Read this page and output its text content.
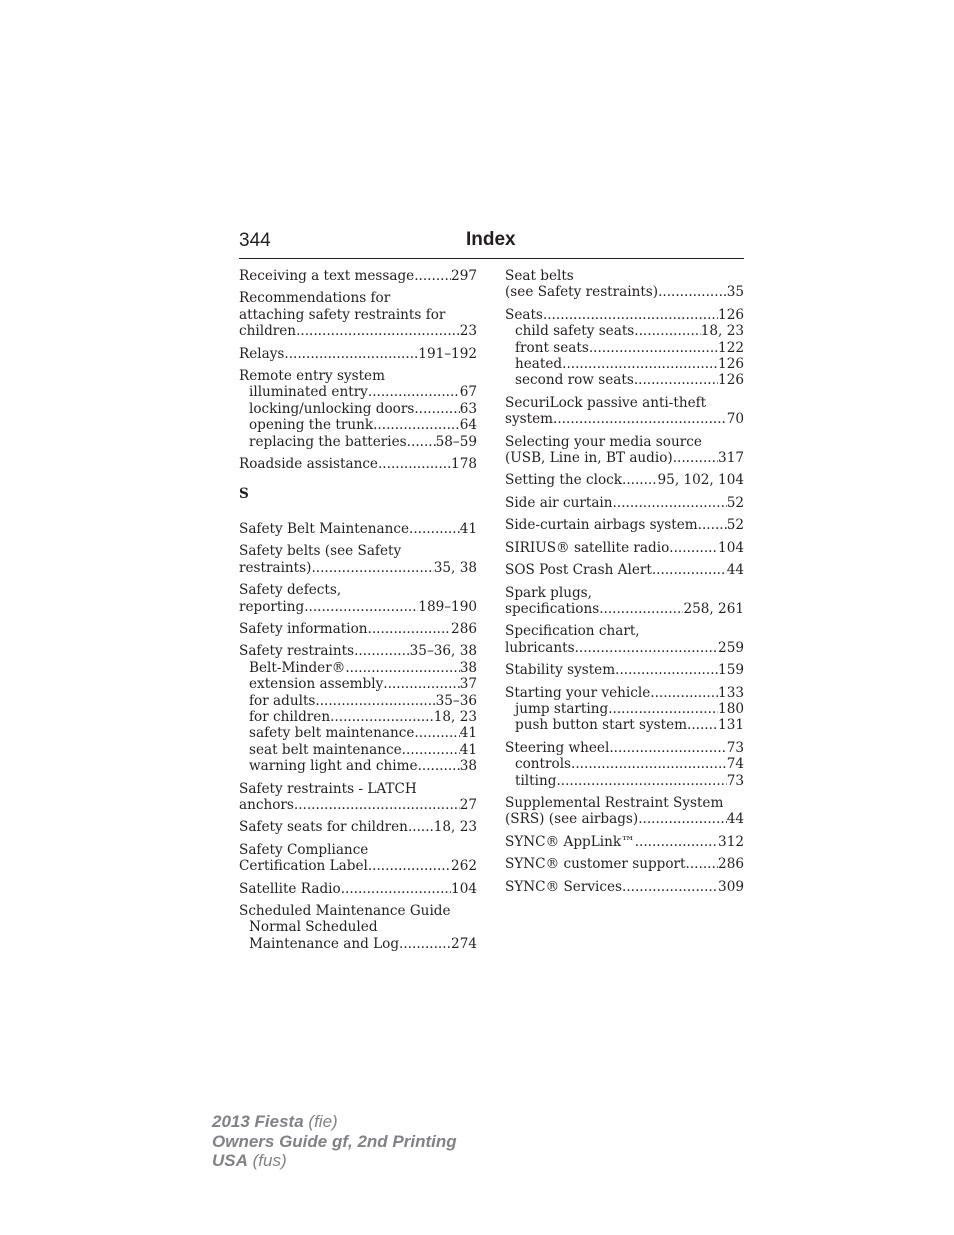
344	Index
Receiving a text message .....	297
Recommendations for
attaching safety restraints for
children .....	23
Relays .....	191–192
Remote entry system
illuminated entry .....	67
locking/unlocking doors .....	63
opening the trunk .....	64
replacing the batteries ..... 58–59
Roadside assistance .....	178
S
Safety Belt Maintenance .....	41
Safety belts (see Safety
restraints) .....	35, 38
Safety defects,
reporting .....	189–190
Safety information .....	286
Safety restraints .....	35–36, 38
Belt-Minder® .....	38
extension assembly .....	37
for adults .....	35–36
for children .....	18, 23
safety belt maintenance .....	41
seat belt maintenance .....	41
warning light and chime .....	38
Safety restraints - LATCH
anchors .....	27
Safety seats for children ..... 18, 23
Safety Compliance
Certification Label .....	262
Satellite Radio .....	104
Scheduled Maintenance Guide
Normal Scheduled
Maintenance and Log .....	274
Seat belts
(see Safety restraints) .....	35
Seats .....	126
child safety seats .....	18, 23
front seats .....	122
heated .....	126
second row seats .....	126
SecuriLock passive anti-theft
system .....	70
Selecting your media source
(USB, Line in, BT audio) .....	317
Setting the clock .....	95, 102, 104
Side air curtain .....	52
Side-curtain airbags system ..... 52
SIRIUS® satellite radio .....	104
SOS Post Crash Alert .....	44
Spark plugs,
specifications .....	258, 261
Specification chart,
lubricants .....	259
Stability system .....	159
Starting your vehicle .....	133
jump starting .....	180
push button start system ..... 131
Steering wheel .....	73
controls .....	74
tilting .....	73
Supplemental Restraint System
(SRS) (see airbags) .....	44
SYNC® AppLink™ .....	312
SYNC® customer support ..... 286
SYNC® Services .....	309
2013 Fiesta (fie)
Owners Guide gf, 2nd Printing
USA (fus)
